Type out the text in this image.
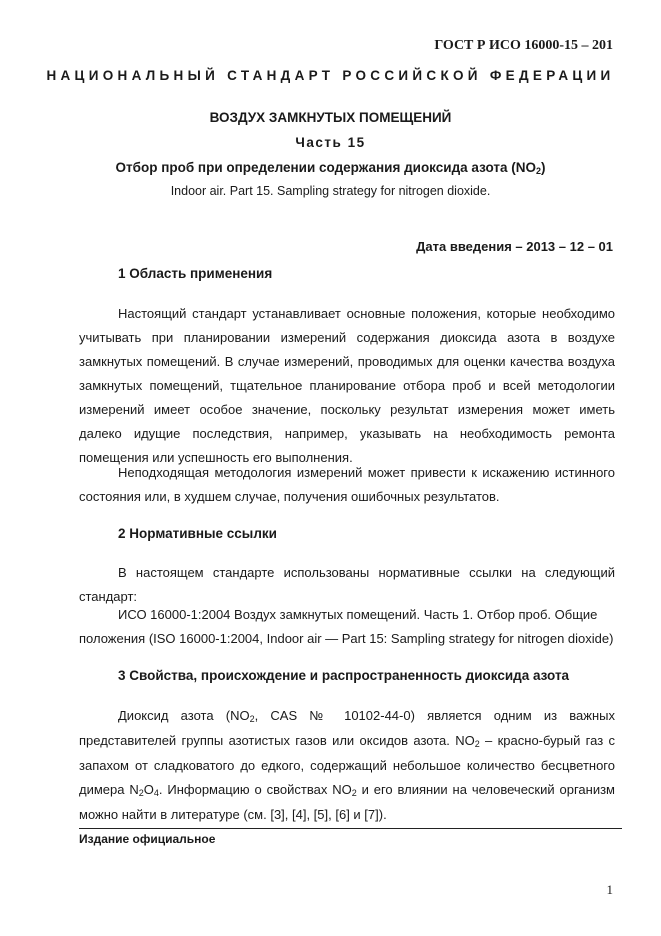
ГОСТ Р ИСО 16000-15 – 201
НАЦИОНАЛЬНЫЙ СТАНДАРТ РОССИЙСКОЙ ФЕДЕРАЦИИ
ВОЗДУХ ЗАМКНУТЫХ ПОМЕЩЕНИЙ
Часть 15
Отбор проб при определении содержания диоксида азота $(NO_2)$
Indoor air. Part 15. Sampling strategy for nitrogen dioxide.
Дата введения – 2013 – 12 – 01
1 Область применения
Настоящий стандарт устанавливает основные положения, которые необходимо учитывать при планировании измерений содержания диоксида азота в воздухе замкнутых помещений. В случае измерений, проводимых для оценки качества воздуха замкнутых помещений, тщательное планирование отбора проб и всей методологии измерений имеет особое значение, поскольку результат измерения может иметь далеко идущие последствия, например, указывать на необходимость ремонта помещения или успешность его выполнения.
Неподходящая методология измерений может привести к искажению истинного состояния или, в худшем случае, получения ошибочных результатов.
2 Нормативные ссылки
В настоящем стандарте использованы нормативные ссылки на следующий стандарт:
ИСО 16000-1:2004 Воздух замкнутых помещений. Часть 1. Отбор проб. Общие
положения (ISO 16000-1:2004, Indoor air — Part 15: Sampling strategy for nitrogen dioxide)
3 Свойства, происхождение и распространенность диоксида азота
Диоксид азота ($NO_2$, CAS № 10102-44-0) является одним из важных представителей группы азотистых газов или оксидов азота. $NO_2$ – красно-бурый газ с запахом от сладковатого до едкого, содержащий небольшое количество бесцветного димера $N_2O_4$. Информацию о свойствах $NO_2$ и его влиянии на человеческий организм можно найти в литературе (см. [3], [4], [5], [6] и [7]).
Издание официальное
1
